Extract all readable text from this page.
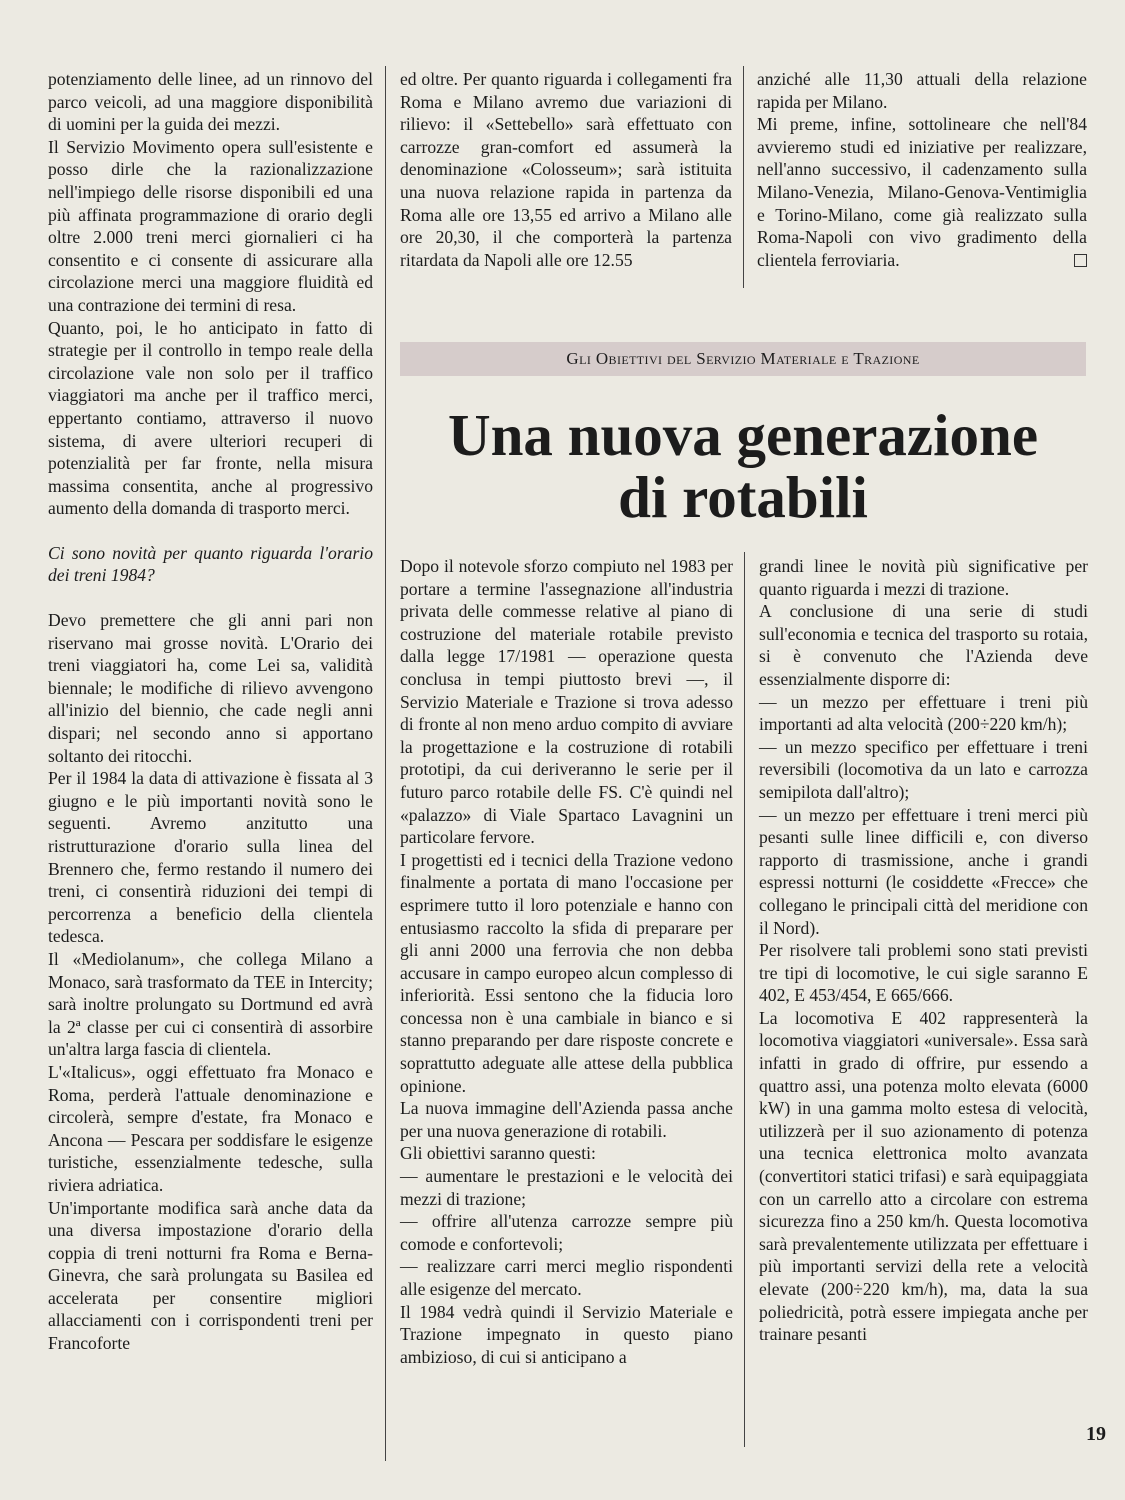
potenziamento delle linee, ad un rinnovo del parco veicoli, ad una maggiore disponibilità di uomini per la guida dei mezzi.

Il Servizio Movimento opera sull'esistente e posso dirle che la razionalizzazione nell'impiego delle risorse disponibili ed una più affinata programmazione di orario degli oltre 2.000 treni merci giornalieri ci ha consentito e ci consente di assicurare alla circolazione merci una maggiore fluidità ed una contrazione dei termini di resa.

Quanto, poi, le ho anticipato in fatto di strategie per il controllo in tempo reale della circolazione vale non solo per il traffico viaggiatori ma anche per il traffico merci, eppertanto contiamo, attraverso il nuovo sistema, di avere ulteriori recuperi di potenzialità per far fronte, nella misura massima consentita, anche al progressivo aumento della domanda di trasporto merci.

Ci sono novità per quanto riguarda l'orario dei treni 1984?

Devo premettere che gli anni pari non riservano mai grosse novità. L'Orario dei treni viaggiatori ha, come Lei sa, validità biennale; le modifiche di rilievo avvengono all'inizio del biennio, che cade negli anni dispari; nel secondo anno si apportano soltanto dei ritocchi.

Per il 1984 la data di attivazione è fissata al 3 giugno e le più importanti novità sono le seguenti. Avremo anzitutto una ristrutturazione d'orario sulla linea del Brennero che, fermo restando il numero dei treni, ci consentirà riduzioni dei tempi di percorrenza a beneficio della clientela tedesca.

Il «Mediolanum», che collega Milano a Monaco, sarà trasformato da TEE in Intercity; sarà inoltre prolungato su Dortmund ed avrà la 2ª classe per cui ci consentirà di assorbire un'altra larga fascia di clientela.

L'«Italicus», oggi effettuato fra Monaco e Roma, perderà l'attuale denominazione e circolerà, sempre d'estate, fra Monaco e Ancona — Pescara per soddisfare le esigenze turistiche, essenzialmente tedesche, sulla riviera adriatica.

Un'importante modifica sarà anche data da una diversa impostazione d'orario della coppia di treni notturni fra Roma e Berna-Ginevra, che sarà prolungata su Basilea ed accelerata per consentire migliori allacciamenti con i corrispondenti treni per Francoforte

ed oltre. Per quanto riguarda i collegamenti fra Roma e Milano avremo due variazioni di rilievo: il «Settebello» sarà effettuato con carrozze gran-comfort ed assumerà la denominazione «Colosseum»; sarà istituita una nuova relazione rapida in partenza da Roma alle ore 13,55 ed arrivo a Milano alle ore 20,30, il che comporterà la partenza ritardata da Napoli alle ore 12.55

anziché alle 11,30 attuali della relazione rapida per Milano.

Mi preme, infine, sottolineare che nell'84 avvieremo studi ed iniziative per realizzare, nell'anno successivo, il cadenzamento sulla Milano-Venezia, Milano-Genova-Ventimiglia e Torino-Milano, come già realizzato sulla Roma-Napoli con vivo gradimento della clientela ferroviaria.

Gli Obiettivi del Servizio Materiale e Trazione
Una nuova generazione
di rotabili

Dopo il notevole sforzo compiuto nel 1983 per portare a termine l'assegnazione all'industria privata delle commesse relative al piano di costruzione del materiale rotabile previsto dalla legge 17/1981 — operazione questa conclusa in tempi piuttosto brevi —, il Servizio Materiale e Trazione si trova adesso di fronte al non meno arduo compito di avviare la progettazione e la costruzione di rotabili prototipi, da cui deriveranno le serie per il futuro parco rotabile delle FS. C'è quindi nel «palazzo» di Viale Spartaco Lavagnini un particolare fervore.

I progettisti ed i tecnici della Trazione vedono finalmente a portata di mano l'occasione per esprimere tutto il loro potenziale e hanno con entusiasmo raccolto la sfida di preparare per gli anni 2000 una ferrovia che non debba accusare in campo europeo alcun complesso di inferiorità. Essi sentono che la fiducia loro concessa non è una cambiale in bianco e si stanno preparando per dare risposte concrete e soprattutto adeguate alle attese della pubblica opinione.

La nuova immagine dell'Azienda passa anche per una nuova generazione di rotabili.

Gli obiettivi saranno questi:

— aumentare le prestazioni e le velocità dei mezzi di trazione;

— offrire all'utenza carrozze sempre più comode e confortevoli;

— realizzare carri merci meglio rispondenti alle esigenze del mercato.

Il 1984 vedrà quindi il Servizio Materiale e Trazione impegnato in questo piano ambizioso, di cui si anticipano a

grandi linee le novità più significative per quanto riguarda i mezzi di trazione.

A conclusione di una serie di studi sull'economia e tecnica del trasporto su rotaia, si è convenuto che l'Azienda deve essenzialmente disporre di:

— un mezzo per effettuare i treni più importanti ad alta velocità (200÷220 km/h);

— un mezzo specifico per effettuare i treni reversibili (locomotiva da un lato e carrozza semipilota dall'altro);

— un mezzo per effettuare i treni merci più pesanti sulle linee difficili e, con diverso rapporto di trasmissione, anche i grandi espressi notturni (le cosiddette «Frecce» che collegano le principali città del meridione con il Nord).

Per risolvere tali problemi sono stati previsti tre tipi di locomotive, le cui sigle saranno E 402, E 453/454, E 665/666.

La locomotiva E 402 rappresenterà la locomotiva viaggiatori «universale». Essa sarà infatti in grado di offrire, pur essendo a quattro assi, una potenza molto elevata (6000 kW) in una gamma molto estesa di velocità, utilizzerà per il suo azionamento di potenza una tecnica elettronica molto avanzata (convertitori statici trifasi) e sarà equipaggiata con un carrello atto a circolare con estrema sicurezza fino a 250 km/h. Questa locomotiva sarà prevalentemente utilizzata per effettuare i più importanti servizi della rete a velocità elevate (200÷220 km/h), ma, data la sua poliedricità, potrà essere impiegata anche per trainare pesanti

19
